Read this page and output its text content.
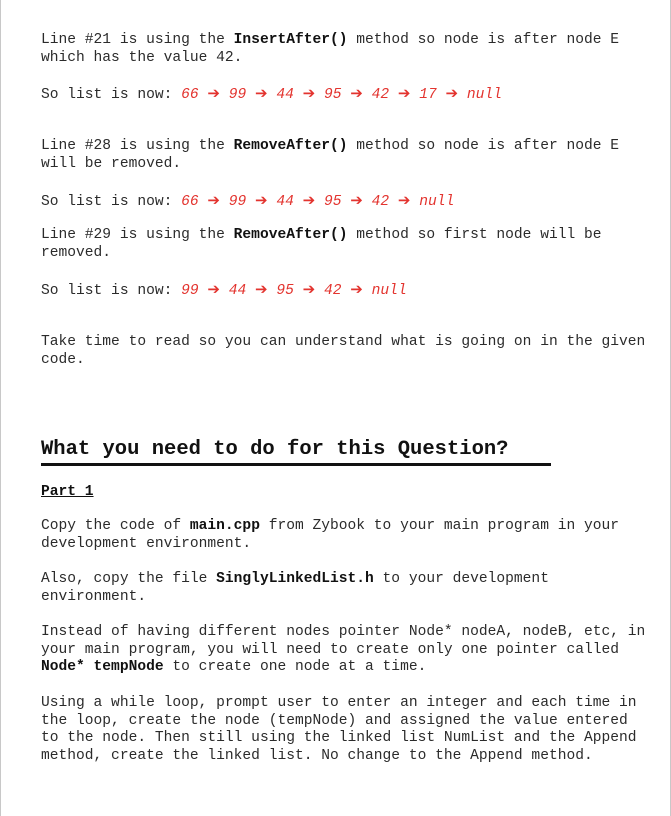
Line #21 is using the InsertAfter() method so node is after node E which has the value 42.

So list is now: 66 ➔ 99 ➔ 44 ➔ 95 ➔ 42 ➔ 17 ➔ null

Line #28 is using the RemoveAfter() method so node is after node E will be removed.

So list is now: 66 ➔ 99 ➔ 44 ➔ 95 ➔ 42 ➔ null

Line #29 is using the RemoveAfter() method so first node will be removed.

So list is now: 99 ➔ 44 ➔ 95 ➔ 42 ➔ null

Take time to read so you can understand what is going on in the given code.

What you need to do for this Question?

Part 1

Copy the code of main.cpp from Zybook to your main program in your development environment.

Also, copy the file SinglyLinkedList.h to your development environment.

Instead of having different nodes pointer Node* nodeA, nodeB, etc, in your main program, you will need to create only one pointer called Node* tempNode to create one node at a time.

Using a while loop, prompt user to enter an integer and each time in the loop, create the node (tempNode) and assigned the value entered to the node. Then still using the linked list NumList and the Append method, create the linked list. No change to the Append method.
